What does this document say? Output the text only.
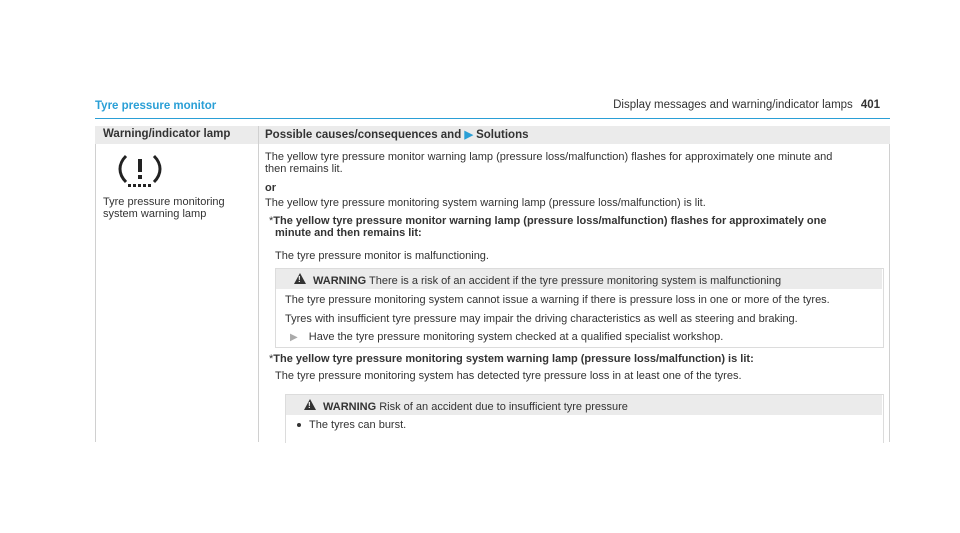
Display messages and warning/indicator lamps 401
Tyre pressure monitor
Warning/indicator lamp	Possible causes/consequences and ▶ Solutions
Tyre pressure monitoring
system warning lamp
The yellow tyre pressure monitor warning lamp (pressure loss/malfunction) flashes for approximately one minute and
then remains lit.
or
The yellow tyre pressure monitoring system warning lamp (pressure loss/malfunction) is lit.
*The yellow tyre pressure monitor warning lamp (pressure loss/malfunction) flashes for approximately one
minute and then remains lit:
The tyre pressure monitor is malfunctioning.
! WARNING There is a risk of an accident if the tyre pressure monitoring system is malfunctioning
The tyre pressure monitoring system cannot issue a warning if there is pressure loss in one or more of the tyres.
Tyres with insufficient tyre pressure may impair the driving characteristics as well as steering and braking.
▶ Have the tyre pressure monitoring system checked at a qualified specialist workshop.
*The yellow tyre pressure monitoring system warning lamp (pressure loss/malfunction) is lit:
The tyre pressure monitoring system has detected tyre pressure loss in at least one of the tyres.
! WARNING Risk of an accident due to insufficient tyre pressure
The tyres can burst.
